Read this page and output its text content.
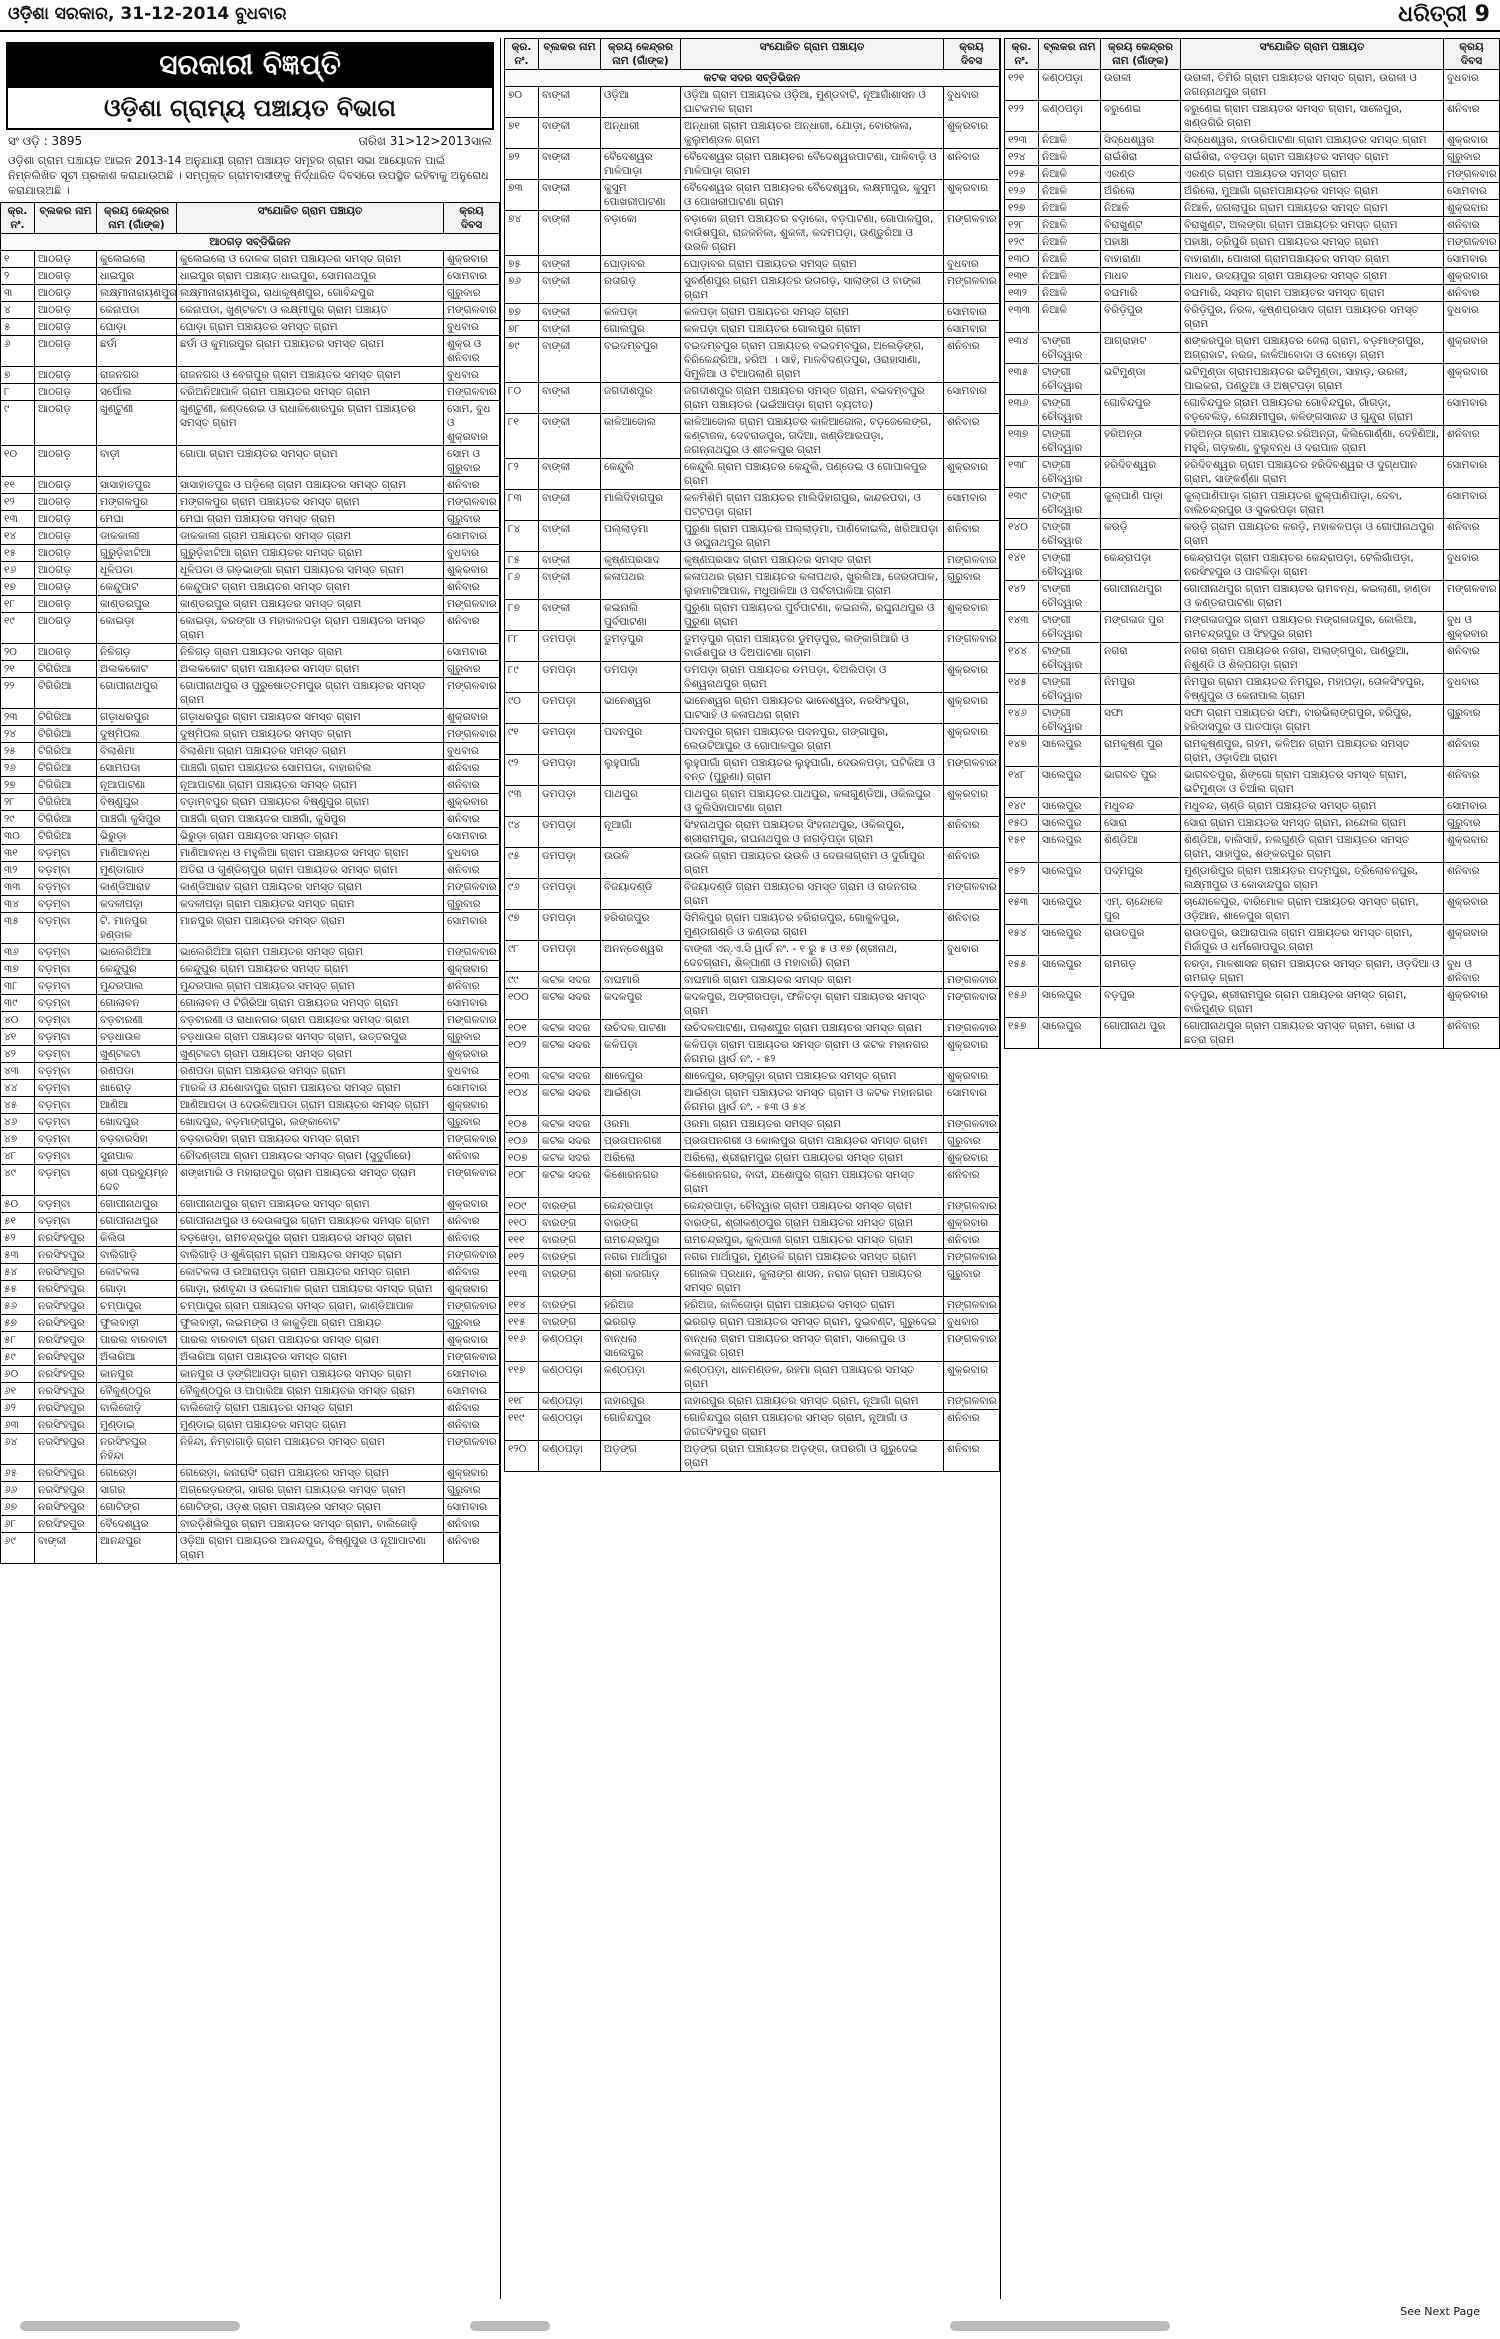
ଓଡ଼ିଶା ସରକାର, 31-12-2014 ବୁଧବାର	ଧରିତ୍ରୀ 9
ସରକାରୀ ବିଜ୍ଞପ୍ତି
ଓଡ଼ିଶା ଗ୍ରାମ୍ୟ ପଞ୍ଚାୟତ ବିଭାଗ
ସଂ ଓଡ଼ି : 3895	ତାରିଖ 31>12>2013ସାଲ
ଓଡ଼ିଶା ଗ୍ରାମ ପଞ୍ଚାୟତ ଆଇନ 2013-14 ଅନୁଯାୟୀ ଗ୍ରାମ ପଞ୍ଚାୟତ ସମୂହର ଗ୍ରାମ ସଭା ଆୟୋଜନ ପାଇଁ ନିମ୍ନଲିଖିତ ସୂଚୀ ପ୍ରକାଶ କରାଯାଉଅଛି । ସମ୍ପୃକ୍ତ ଗ୍ରାମବାସୀଙ୍କୁ ନିର୍ଦ୍ଧାରିତ ଦିବସରେ ଉପସ୍ଥିତ ରହିବାକୁ ଅନୁରୋଧ କରାଯାଉଅଛି ।
କ୍ର. ନଂ.	ବ୍ଲକର ନାମ	କ୍ରୟ କେନ୍ଦ୍ରର ନାମ (ଗାଁଙ୍କ)	ସଂଯୋଜିତ ଗ୍ରାମ ପଞ୍ଚାୟତ	କ୍ରୟ ଦିବସ
ଆଠଗଡ଼ ସବ୍‌ଡିଭିଜନ				
୧	ଆଠଗଡ଼	କୁଲେଇଲୋ	କୁଲେଇଲୋ ଓ ଦୋଳକ ଗ୍ରାମ ପଞ୍ଚାୟତର ସମସ୍ତ ଗ୍ରାମ	ଶୁକ୍ରବାର
୨	ଆଠଗଡ଼	ଧାଇପୁର	ଧାଇପୁର ଗ୍ରାମ ପଞ୍ଚାୟତ ଧାଇପୁର, ସୋମନାଥପୁର	ସୋମବାର
୩	ଆଠଗଡ଼	ଲକ୍ଷ୍ମୀନାରାୟଣପୁର	ଲକ୍ଷ୍ମୀନାରାୟଣପୁର, ରାଧାକୃଷ୍ଣପୁର, ଗୋବିନ୍ଦପୁର	ଗୁରୁବାର
୪	ଆଠଗଡ଼	କେନାପଡା	କେନାପଡା, ଖୁଣ୍ଟକଟା ଓ ଲକ୍ଷ୍ମୀପୁର ଗ୍ରାମ ପଞ୍ଚାୟତ	ମଙ୍ଗଳବାର
୫	ଆଠଗଡ଼	ଘୋଡ଼ା	ଘୋଡ଼ା ଗ୍ରାମ ପଞ୍ଚାୟତର ସମସ୍ତ ଗ୍ରାମ	ବୁଧବାର
୬	ଆଠଗଡ଼	ଛର୍ଡା	ଛର୍ଡା ଓ କୁମାରପୁର ଗ୍ରାମ ପଞ୍ଚାୟତର ସମସ୍ତ ଗ୍ରାମ	ଶୁକ୍ର ଓ ଶନିବାର
୭	ଆଠଗଡ଼	ରାଜନଗର	ରାଜନଗର ଓ ବେଗପୁର ଗ୍ରାମ ପଞ୍ଚାୟତର ସମସ୍ତ ଗ୍ରାମ	ବୁଧବାର
୮	ଆଠଗଡ଼	ସର୍ପୋଲ	ବରିଅନିଆପାଳି ଗ୍ରାମ ପଞ୍ଚାୟତର ସମସ୍ତ ଗ୍ରାମ	ମଙ୍ଗଳବାର
୯	ଆଠଗଡ଼	ଖୁଣ୍ଟୁଣୀ	ଖୁଣ୍ଟୁଣୀ, କଣ୍ଡରେଇ ଓ ରାଧାକିଶୋରପୁର ଗ୍ରାମ ପଞ୍ଚାୟତର ସମସ୍ତ ଗ୍ରାମ	ସୋମ, ବୁଧ ଓ ଶୁକ୍ରବାର
୧୦	ଆଠଗଡ଼	ବାଡ଼ୀ	ଗୋପା ଗ୍ରାମ ପଞ୍ଚାୟତର ସମସ୍ତ ଗ୍ରାମ	ସୋମ ଓ ଗୁରୁବାର
୧୧	ଆଠଗଡ଼	ସାସାହାତପୁର	ସାସାହାତପୁର ଓ ପଡ଼ିଲୋ ଗ୍ରାମ ପଞ୍ଚାୟତର ସମସ୍ତ ଗ୍ରାମ	ଶନିବାର
୧୨	ଆଠଗଡ଼	ମଙ୍ଗଳପୁର	ମଙ୍ଗଳପୁର ଗ୍ରାମ ପଞ୍ଚାୟତର ସମସ୍ତ ଗ୍ରାମ	ମଙ୍ଗଳବାର
୧୩	ଆଠଗଡ଼	ମେଘା	ମେଘା ଗ୍ରାମ ପଞ୍ଚାୟତର ସମସ୍ତ ଗ୍ରାମ	ଗୁରୁବାର
୧୪	ଆଠଗଡ଼	ଡାକକାଲୀ	ଡାକକାଲୀ ଗ୍ରାମ ପଞ୍ଚାୟତର ସମସ୍ତ ଗ୍ରାମ	ସୋମବାର
୧୫	ଆଠଗଡ଼	ଗୁରୁଡ଼ିଝାଟିଆ	ଗୁରୁଡ଼ିଝାଟିଆ ଗ୍ରାମ ପଞ୍ଚାୟତର ସମସ୍ତ ଗ୍ରାମ	ବୁଧବାର
୧୬	ଆଠଗଡ଼	ଧୂଳିପଡା	ଧୂଳିପଡା ଓ ଗଡ଼ଭାଙ୍ଗା ଗ୍ରାମ ପଞ୍ଚାୟତର ସମସ୍ତ ଗ୍ରାମ	ଶୁକ୍ରବାର
୧୭	ଆଠଗଡ଼	କେନ୍ଦୁପାଟ	କେନ୍ଦୁପାଟ ଗ୍ରାମ ପଞ୍ଚାୟତର ସମସ୍ତ ଗ୍ରାମ	ଶନିବାର
୧୮	ଆଠଗଡ଼	କାଣ୍ଡରପୁର	କାଣ୍ଡରପୁର ଗ୍ରାମ ପଞ୍ଚାୟତର ସମସ୍ତ ଗ୍ରାମ	ମଙ୍ଗଳବାର
୧୯	ଆଠଗଡ଼	କୋଇଡ଼ା	କୋଇଡ଼ା, ବରଙ୍ଗା ଓ ମହାକାଳପଡ଼ା ଗ୍ରାମ ପଞ୍ଚାୟତର ସମସ୍ତ ଗ୍ରାମ	ଶନିବାର
୨୦	ଆଠଗଡ଼	ନିଳିଗଡ଼	ନିଳିଗଡ଼ ଗ୍ରାମ ପଞ୍ଚାୟତର ସମସ୍ତ ଗ୍ରାମ	ସୋମବାର
୨୧	ଟିଗିରିଆ	ଅଲକକୋଟ	ଅଲକକୋଟ ଗ୍ରାମ ପଞ୍ଚାୟତର ସମସ୍ତ ଗ୍ରାମ	ଗୁରୁବାର
୨୨	ଟିଗିରିଆ	ଗୋପୀନାଥପୁର	ଗୋପୀନାଥପୁର ଓ ପୁରୁଷୋତ୍ତମପୁର ଗ୍ରାମ ପଞ୍ଚାୟତର ସମସ୍ତ ଗ୍ରାମ	ମଙ୍ଗଳବାର
୨୩	ଟିଗିରିଆ	ଗଡ଼ାଧରପୁର	ଗଡ଼ାଧରପୁର ଗ୍ରାମ ପଞ୍ଚାୟତର ସମସ୍ତ ଗ୍ରାମ	ଶୁକ୍ରବାର
୨୪	ଟିଗିରିଆ	ଦୁଷ୍ମିପଲ	ଦୁଷ୍ମିପଲ ଗ୍ରାମ ପଞ୍ଚାୟତର ସମସ୍ତ ଗ୍ରାମ	ମଙ୍ଗଳବାର
୨୫	ଟିଗିରିଆ	ବିଲାଶିମା	ବିଲାଶିମା ଗ୍ରାମ ପଞ୍ଚାୟତର ସମସ୍ତ ଗ୍ରାମ	ବୁଧବାର
୨୬	ଟିଗିରିଆ	ସୋମପଡା	ପାଞ୍ଚଗାଁ ଗ୍ରାମ ପଞ୍ଚାୟତର ସୋମପଡା, ବାହାରବିଲ	ଶନିବାର
୨୭	ଟିଗିରିଆ	ନୂଆପାଟଣା	ନୂଆପାଟଣା ଗ୍ରାମ ପଞ୍ଚାୟତର ସମସ୍ତ ଗ୍ରାମ	ଶନିବାର
୨୮	ଟିଗିରିଆ	ବିଷ୍ଣୁପୁର	ବଡ଼ାମ୍ବପୁର ଗ୍ରାମ ପଞ୍ଚାୟତର ବିଷ୍ଣୁପୁର ଗ୍ରାମ	ଶୁକ୍ରବାର
୨୯	ଟିଗିରିଆ	ପାଞ୍ଚଗାଁ କୁସିପୁର	ପାଞ୍ଚଗାଁ ଗ୍ରାମ ପଞ୍ଚାୟତର ପାଞ୍ଚଗାଁ, କୁସିପୁର	ଶନିବାର
୩୦	ଟିଗିରିଆ	ଭିରୁଡ଼ା	ଭିରୁଡ଼ା ଗ୍ରାମ ପଞ୍ଚାୟତର ସମସ୍ତ ଗ୍ରାମ	ସୋମବାର
୩୧	ବଡ଼ମ୍ବା	ମାଣିଆବନ୍ଧ	ମାଣିଆବନ୍ଧ ଓ ମହୁଲିଆ ଗ୍ରାମ ପଞ୍ଚାୟତର ସମସ୍ତ ଗ୍ରାମ	ବୁଧବାର
୩୨	ବଡ଼ମ୍ବା	ମୁଣ୍ଡାଗାଡ	ଅତିରା ଓ ଗୁଣ୍ଡିଚାପୁର ଗ୍ରାମ ପଞ୍ଚାୟତର ସମସ୍ତ ଗ୍ରାମ	ଶନିବାର
୩୩	ବଡ଼ମ୍ବା	କାଣ୍ଡିଆରାହ	କାଣ୍ଡିଆରାହ ଗ୍ରାମ ପଞ୍ଚାୟତର ସମସ୍ତ ଗ୍ରାମ	ମଙ୍ଗଳବାର
୩୪	ବଡ଼ମ୍ବା	କଦଳୀପଡ଼ା	କଦଳୀପଡ଼ା ଗ୍ରାମ ପଞ୍ଚାୟତର ସମସ୍ତ ଗ୍ରାମ	ଗୁରୁବାର
୩୫	ବଡ଼ମ୍ବା	ଟି. ମାନପୁର ହଣ୍ଡାଳ	ମାନପୁର ଗ୍ରାମ ପଞ୍ଚାୟତର ସମସ୍ତ ଗ୍ରାମ	ସୋମବାର
୩୬	ବଡ଼ମ୍ବା	ଭାଲେରିଅିଆ	ଭାଲେରିଅିଆ ଗ୍ରାମ ପଞ୍ଚାୟତର ସମସ୍ତ ଗ୍ରାମ	ମଙ୍ଗଳବାର
୩୭	ବଡ଼ମ୍ବା	କେନ୍ଦୁପୁର	କେନ୍ଦୁପୁର ଗ୍ରାମ ପଞ୍ଚାୟତର ସମସ୍ତ ଗ୍ରାମ	ଶୁକ୍ରବାର
୩୮	ବଡ଼ମ୍ବା	ମୁନ୍ଦରପାଲ	ମୁନ୍ଦରପାଲ ଗ୍ରାମ ପଞ୍ଚାୟତର ସମସ୍ତ ଗ୍ରାମ	ଶନିବାର
୩୯	ବଡ଼ମ୍ବା	ଗୋଲାବନ	ଗୋଲାବନ ଓ ଟିଗିରିଆ ଗ୍ରାମ ପଞ୍ଚାୟତର ସମସ୍ତ ଗ୍ରାମ	ସୋମବାର
୪୦	ବଡ଼ମ୍ବା	ବଡ଼ବାରଣୀ	ବଡ଼ବାରଣୀ ଓ ରାଧାନଗର ଗ୍ରାମ ପଞ୍ଚାୟତର ସମସ୍ତ ଗ୍ରାମ	ମଙ୍ଗଳବାର
୪୧	ବଡ଼ମ୍ବା	ବଡ଼ଧାଉଳ	ବଡ଼ଧାଉଳ ଗ୍ରାମ ପଞ୍ଚାୟତର ସମସ୍ତ ଗ୍ରାମ, ଉତ୍ତରପୁର	ଗୁରୁବାର
୪୨	ବଡ଼ମ୍ବା	ଖୁଣ୍ଟକଟା	ଖୁଣ୍ଟକଟା ଗ୍ରାମ ପଞ୍ଚାୟତର ସମସ୍ତ ଗ୍ରାମ	ଶୁକ୍ରବାର
୪୩	ବଡ଼ମ୍ବା	ରଣପଡା	ରଣପଡା ଗ୍ରାମ ପଞ୍ଚାୟତର ସମସ୍ତ ଗ୍ରାମ	ବୁଧବାର
୪୪	ବଡ଼ମ୍ବା	ଖାରୋଡ଼	ମାରକି ଓ ଯଶୋଦାପୁର ଗ୍ରାମ ପଞ୍ଚାୟତର ସମସ୍ତ ଗ୍ରାମ	ସୋମବାର
୪୫	ବଡ଼ମ୍ବା	ଆଣିଆ	ଆଣିଆପଡା ଓ ଦେଉଳିଆପଡା ଗ୍ରାମ ପଞ୍ଚାୟତର ସମସ୍ତ ଗ୍ରାମ	ଶୁକ୍ରବାର
୪୬	ବଡ଼ମ୍ବା	ଖୋଦପୁର	ଖୋଦପୁର, ବଡ଼ମାଙ୍ଗପୁର, ଲଙ୍କାବୋଟ	ଗୁରୁବାର
୪୭	ବଡ଼ମ୍ବା	ବଡ଼ବାରସିହା	ବଡ଼ବାରସିହା ଗ୍ରାମ ପଞ୍ଚାୟତର ସମସ୍ତ ଗ୍ରାମ	ମଙ୍ଗଳବାର
୪୮	ବଡ଼ମ୍ବା	ସୁନାପାଳ	ଚୌଦଣ୍ଡୀଆ ଗ୍ରାମ ପଞ୍ଚାୟତର ସମସ୍ତ ଗ୍ରାମ (ସୁଦୁର୍ଗାରେ)	ଶନିବାର
୪୯	ବଡ଼ମ୍ବା	ଶ୍ରୀ ପ୍ରଦ୍ୟୁମ୍ନ ଦେବ	ଶଙ୍ଖମାରି ଓ ମହାରାଜପୁର ଗ୍ରାମ ପଞ୍ଚାୟତର ସମସ୍ତ ଗ୍ରାମ	ମଙ୍ଗଳବାର
୫୦	ବଡ଼ମ୍ବା	ଗୋପୀନାଥପୁର	ଗୋପୀନାଥପୁର ଗ୍ରାମ ପଞ୍ଚାୟତର ସମସ୍ତ ଗ୍ରାମ	ଶୁକ୍ରବାର
୫୧	ବଡ଼ମ୍ବା	ଗୋପୀନାଥପୁର	ଗୋପୀନାଥପୁର ଓ ଦେଉଳାପୁର ଗ୍ରାମ ପଞ୍ଚାୟତର ସମସ୍ତ ଗ୍ରାମ	ଶନିବାର
୫୨	ନରସିଂହପୁର	କିଲିତା	ବଡ଼ଖେଡ଼ା, ରାମଚନ୍ଦ୍ରପୁର ଗ୍ରାମ ପଞ୍ଚାୟତର ସମସ୍ତ ଗ୍ରାମ	ଶନିବାର
୫୩	ନରସିଂହପୁର	ବାଲିଗାଡ଼ି	ବାଲିଗାଡ଼ି ଓ ଶୁଣ୍ଢିଗ୍ରାମ ଗ୍ରାମ ପଞ୍ଚାୟତର ସମସ୍ତ ଗ୍ରାମ	ମଙ୍ଗଳବାର
୫୪	ନରସିଂହପୁର	କୋଟକଳା	କୋଟକଳା ଓ ଉଆରାପଡ଼ା ଗ୍ରାମ ପଞ୍ଚାୟତର ସମସ୍ତ ଗ୍ରାମ	ଶନିବାର
୫୫	ନରସିଂହପୁର	ଗୋଡ଼ା	ଗୋଡ଼ା, ରଣବୃନ୍ଦା ଓ ଉଦ୍ଦୋମାଳ ଗ୍ରାମ ପଞ୍ଚାୟତର ସମସ୍ତ ଗ୍ରାମ	ଶୁକ୍ରବାର
୫୬	ନରସିଂହପୁର	ଚମ୍ପାପୁର	ଚମ୍ପାପୁର ଗ୍ରାମ ପଞ୍ଚାୟତର ସମସ୍ତ ଗ୍ରାମ, କାଣ୍ଡିଆପାଳ	ମଙ୍ଗଳବାର
୫୭	ନରସିଂହପୁର	ଫୁଲବାଡ଼ୀ	ଫୁଲବାଡ଼ୀ, ଲଇମଙ୍ଗ ଓ କାକୁଡ଼ିଆ ଗ୍ରାମ ପଞ୍ଚାୟତ	ଗୁରୁବାର
୫୮	ନରସିଂହପୁର	ପାରଲ ବାରବାଟୀ	ପାରଲ ବାରବାଟୀ ଗ୍ରାମ ପଞ୍ଚାୟତର ସମସ୍ତ ଗ୍ରାମ	ଶୁକ୍ରବାର
୫୯	ନରସିଂହପୁର	ଅଁଳାରିଆ	ଅଁଳାରିଆ ଗ୍ରାମ ପଞ୍ଚାୟତର ସମସ୍ତ ଗ୍ରାମ	ମଙ୍ଗଳବାର
୬୦	ନରସିଂହପୁର	କାନପୁର	କାନପୁର ଓ ଡ଼ଙ୍ଗିଆପଡ଼ା ଗ୍ରାମ ପଞ୍ଚାୟତର ସମସ୍ତ ଗ୍ରାମ	ସୋମବାର
୬୧	ନରସିଂହପୁର	ବୈକୁଣ୍ଠପୁର	ବୈକୁଣ୍ଠପୁର ଓ ପାପାରିଆ ଗ୍ରାମ ପଞ୍ଚାୟତର ସମସ୍ତ ଗ୍ରାମ	ସୋମବାର
୬୨	ନରସିଂହପୁର	ବାଲିଜୋଡ଼ି	ବାଲିଜୋଡ଼ି ଗ୍ରାମ ପଞ୍ଚାୟତର ସମସ୍ତ ଗ୍ରାମ	ଶନିବାର
୬୩	ନରସିଂହପୁର	ମୁଣ୍ଡାଇ	ମୁଣ୍ଡାଇ ଗ୍ରାମ ପଞ୍ଚାୟତର ସମସ୍ତ ଗ୍ରାମ	ଶନିବାର
୬୪	ନରସିଂହପୁର	ନରସିଂହପୁର ନିହିନ୍ଦା	ନିହିନ୍ଦା, ନିମ୍ବାଗାଡ଼ି ଗ୍ରାମ ପଞ୍ଚାୟତର ସମସ୍ତ ଗ୍ରାମ	ମଙ୍ଗଳବାର
୬୫	ନରସିଂହପୁର	ଗେରେଡ଼ା	ଗେରେଡ଼ା, କନାରାସିଂ ଗ୍ରାମ ପଞ୍ଚାୟତର ସମସ୍ତ ଗ୍ରାମ	ଶୁକ୍ରବାର
୬୬	ନରସିଂହପୁର	ସାଗର	ଅଗ୍ରେଡ଼ରଙ୍ଗ, ସାଗର ଗ୍ରାମ ପଞ୍ଚାୟତର ସମସ୍ତ ଗ୍ରାମ	ଗୁରୁବାର
୬୭	ନରସିଂହପୁର	ଗୋଟିଙ୍ଗ	ଗୋଟିଙ୍ଗ, ଓଡ଼ଶ ଗ୍ରାମ ପଞ୍ଚାୟତର ସମସ୍ତ ଗ୍ରାମ	ସୋମବାର
୬୮	ନରସିଂହପୁର	ବୈଦେଶ୍ୱର	ବାରଡ଼ିଶିଲିପୁର ଗ୍ରାମ ପଞ୍ଚାୟତର ସମସ୍ତ ଗ୍ରାମ, ବାଲିଜୋଡ଼ି	ଶନିବାର
୬୯	ବାଙ୍କୀ	ଆନନ୍ଦପୁର	ଓଡ଼ିଆ ଗ୍ରାମ ପଞ୍ଚାୟତର ଆନନ୍ଦପୁର, ବିଷ୍ଣୁପୁର ଓ ନୂଆପାଟଣା ଗ୍ରାମ	ଶନିବାର
କ୍ର. ନଂ.	ବ୍ଲକର ନାମ	କ୍ରୟ କେନ୍ଦ୍ରର ନାମ (ଗାଁଙ୍କ)	ସଂଯୋଜିତ ଗ୍ରାମ ପଞ୍ଚାୟତ	କ୍ରୟ ଦିବସ
କଟକ ସଦର ସବ୍‌ଡିଭିଜନ				
୭୦	ବାଙ୍କୀ	ଓଡ଼ିଆ	ଓଡ଼ିଆ ଗ୍ରାମ ପଞ୍ଚାୟତର ଓଡ଼ିଆ, ମୁଣ୍ଡବାଟି, ନୂଆଗାଁଶାସନ ଓ ଘାଟକମଳ ଗ୍ରାମ	ବୁଧବାର
୭୧	ବାଙ୍କୀ	ଅନ୍ଧାରୀ	ଅନ୍ଧାରୀ ଗ୍ରାମ ପଞ୍ଚାୟତର ଅନ୍ଧାରୀ, ଯୋଡ଼ା, ବୋରକଳା, କୁଲୁମଣ୍ଡଳ ଗ୍ରାମ	ଶୁକ୍ରବାର
୭୨	ବାଙ୍କୀ	ବୈଦେଶ୍ୱର ମାଳିପାଡ଼ା	ବୈଦେଶ୍ୱର ଗ୍ରାମ ପଞ୍ଚାୟତର ବୈଦେଶ୍ୱରପାଟଣା, ପାଳିବାଡ଼ି ଓ ମାଳିପାଡ଼ା ଗ୍ରାମ	ଶନିବାର
୭୩	ବାଙ୍କୀ	କୁସୁମ ପୋଖରୀପାଟଣା	ବୈଦେଶ୍ୱର ଗ୍ରାମ ପଞ୍ଚାୟତର ବୈଦେଶ୍ୱର, ଲକ୍ଷ୍ମୀପୁର, କୁସୁମ ଓ ପୋଖରୀପାଟଣା ଗ୍ରାମ	ଶୁକ୍ରବାର
୭୪	ବାଙ୍କୀ	ବଡ଼ାକୋ	ବଡ଼ାକୋ ଗ୍ରାମ ପଞ୍ଚାୟତର ବଡ଼ାକୋ, ବଡ଼ପାଟଣା, ଗୋପାଳପୁର, ବାଉଁଶପୁର, ରାଜକନିକା, ଶୁକଳୀ, କଦମପଡ଼ା, ଉଣ୍ଡୁରିଆ ଓ ଉରଳି ଗ୍ରାମ	ମଙ୍ଗଳବାର
୭୫	ବାଙ୍କୀ	ଘୋଡ଼ାବର	ଘୋଡ଼ାବର ଗ୍ରାମ ପଞ୍ଚାୟତର ସମସ୍ତ ଗ୍ରାମ	ବୁଧବାର
୭୬	ବାଙ୍କୀ	ରତାଗଡ଼	ସୁବର୍ଣ୍ଣପୁର ଗ୍ରାମ ପଞ୍ଚାୟତର ରତାଗଡ଼, ସାଲାଙ୍ଗ ଓ ବାଙ୍କୀ ଗ୍ରାମ	ମଙ୍ଗଳବାର
୭୭	ବାଙ୍କୀ	କଳପଡ଼ା	କଳପଡ଼ା ଗ୍ରାମ ପଞ୍ଚାୟତର ସମସ୍ତ ଗ୍ରାମ	ସୋମବାର
୭୮	ବାଙ୍କୀ	ଗୋଲପୁର	କଳପଡ଼ା ଗ୍ରାମ ପଞ୍ଚାୟତର ଗୋଲପୁର ଗ୍ରାମ	ସୋମବାର
୭୯	ବାଙ୍କୀ	ବଇଦମ୍ବପୁର	ବଇଦମ୍ବପୁର ଗ୍ରାମ ପଞ୍ଚାୟତର ବଇଦମ୍ବପୁର, ଅଲେଡ଼ିଙ୍ଗ, ବିରିକେନ୍ଦ୍ରିଆ, ହରିଅା ସାହି, ମାଳବିଦଣ୍ଡପୁର, ଓରାହାସାଣା, ସିମୁଳିଆ ଓ ଟିଆପଲାଣି ଗ୍ରାମ	ଶନିବାର
୮୦	ବାଙ୍କୀ	ଜଗଦୀଶପୁର	ଜଗଦୀଶପୁର ଗ୍ରାମ ପଞ୍ଚାୟତର ସମସ୍ତ ଗ୍ରାମ, ବଇଦମ୍ବପୁର ଗ୍ରାମ ପଞ୍ଚାୟତର (ଭଇଁଆପଡ଼ା ଗ୍ରାମ ବ୍ୟତୀତ)	ସୋମବାର
୮୧	ବାଙ୍କୀ	କାଳିଆଜୋଲ	କାଳିଆଜୋଲ ଗ୍ରାମ ପଞ୍ଚାୟତର କାଳିଆଜୋଲ, ବଡ଼ଜେଲେଙ୍ଗ, କଣ୍ଟାଜଳ, ଦେବରାଜପୁର, ଗଦିଆ, ଖଣ୍ଡିଆରପଡ଼ା, ଜଗନ୍ନାଥପୁର ଓ ଶୀତଳପୁର ଗ୍ରାମ	ଶନିବାର
୮୨	ବାଙ୍କୀ	କେନ୍ଦୁଲି	କେନ୍ଦୁଲି ଗ୍ରାମ ପଞ୍ଚାୟତର କେନ୍ଦୁଲି, ପଣ୍ଡେଇ ଓ ଗୋପାଳପୁର ଗ୍ରାମ	ଶୁକ୍ରବାର
୮୩	ବାଙ୍କୀ	ମାଲିଦିହାଗପୁର	କଳମିଶିମି ଗ୍ରାମ ପଞ୍ଚାୟତର ମାଲିଦିହାଗପୁର, କାନ୍ଦରପଦା, ଓ ପଟ୍ଟପଡ଼ା ଗ୍ରାମ	ସୋମବାର
୮୪	ବାଙ୍କୀ	ପଲ୍ଲାଡ଼ମା	ପୁରୁଣା ଗ୍ରାମ ପଞ୍ଚାୟତର ପଲ୍ଲାଡ଼ମା, ପାଣିକୋଇଲି, ଖରିଆପଡ଼ା ଓ ରଘୁନାଥପୁର ଗ୍ରାମ	ଶନିବାର
୮୫	ବାଙ୍କୀ	କୃଷ୍ଣପ୍ରସାଦ	କୃଷ୍ଣପ୍ରସାଦ ଗ୍ରାମ ପଞ୍ଚାୟତର ସମସ୍ତ ଗ୍ରାମ	ମଙ୍ଗଳବାର
୮୬	ବାଙ୍କୀ	କଳାପଥର	କଳାପଥର ଗ୍ରାମ ପଞ୍ଚାୟତର କଳାପଥର, ଖୁରଲିଆ, ଜେରତାପାଳ, ଲୁହାମାଟିଆପାଳ, ମଧୁପାଳିଆ ଓ ପର୍ବତୀପାଳିଆ ଗ୍ରାମ	ଗୁରୁବାର
୮୭	ବାଙ୍କୀ	କଇନାଲି ପୁର୍ବପାଟଣା	ପୁରୁଣା ଗ୍ରାମ ପଞ୍ଚାୟତର ପୁର୍ବପାଟଣା, କଇନାଲି, ରଘୁନାଥପୁର ଓ ପୁରୁଣା ଗ୍ରାମ	ଶୁକ୍ରବାର
୮୮	ଡମପଡ଼ା	ଡୁମଡ଼ପୁର	ଡୁମଡ଼ପୁର ଗ୍ରାମ ପଞ୍ଚାୟତର ଡୁମଡ଼ପୁର, ଲଙ୍କାଗିଆରି ଓ ବାଉଁଶପୁର ଓ ଦିଅପାଟଣା ଗ୍ରାମ	ମଙ୍ଗଳବାର
୮୯	ଡମପଡ଼ା	ଡମପଡ଼ା	ଡମପଡ଼ା ଗ୍ରାମ ପଞ୍ଚାୟତର ଡମପଡ଼ା, ଦିଅଲିପଡ଼ା ଓ ବିଶ୍ୱନାଥପୁର ଗ୍ରାମ	ଶୁକ୍ରବାର
୯୦	ଡମପଡ଼ା	ଭାନେଶ୍ୱର	ଭାନେଶ୍ୱର ଗ୍ରାମ ପଞ୍ଚାୟତର ଭାନେଶ୍ୱର, ନରସିଂହପୁର, ଘାଟସାହି ଓ କଳାପଥରା ଗ୍ରାମ	ଶୁକ୍ରବାର
୯୧	ଡମପଡ଼ା	ପଦନପୁର	ପଦନପୁର ଗ୍ରାମ ପଞ୍ଚାୟତର ପଦନପୁର, ଗଙ୍ଗାପୁର, ଲେଉଟିଆପୁର ଓ ଗୋପାଳପୁର ଗ୍ରାମ	ଶୁକ୍ରବାର
୯୨	ଡମପଡ଼ା	ଲୁହୁପାଗାଁ	ଲୁହୁପାଗାଁ ଗ୍ରାମ ପଞ୍ଚାୟତର ଲୁହୁପାଗାଁ, ଦେଉଳପଡ଼ା, ଘଟିକିଆ ଓ ବନ୍ତ (ପୁରୁଣା) ଗ୍ରାମ	ମଙ୍ଗଳବାର
୯୩	ଡମପଡ଼ା	ପାଥପୁର	ପାଥପୁର ଗ୍ରାମ ପଞ୍ଚାୟତର ପାଥପୁର, କଳାଗୁଣ୍ଡିଆ, ଓକିଲପୁର ଓ କୁଲିସିହାପାଟଣା ଗ୍ରାମ	ଶୁକ୍ରବାର
୯୪	ଡମପଡ଼ା	ନୂଆଗାଁ	ସିଂହନାଥପୁର ଗ୍ରାମ ପଞ୍ଚାୟତର ସିଂହନାଥପୁର, ଓକିଲପୁର, ଶ୍ରୀରାମପୁର, ରାଘନାଥପୁର ଓ ନାଗଡ଼ିପଡ଼ା ଗ୍ରାମ	ଶନିବାର
୯୫	ଡମପଡ଼ା	ଉଉଳି	ଉଉଳି ଗ୍ରାମ ପଞ୍ଚାୟତର ଉଉଳି ଓ ଦେଉଳାଗ୍ରାମ ଓ ଦୁର୍ଗାପୁର ଗ୍ରାମ	ଶନିବାର
୯୬	ଡମପଡ଼ା	ବିଜୟାଦଣ୍ଡି	ବିଜୟାଦଣ୍ଡି ଗ୍ରାମ ପଞ୍ଚାୟତର ସମସ୍ତ ଗ୍ରାମ ଓ ରାଜନଗର ଗ୍ରାମ	ମଙ୍ଗଳବାର
୯୭	ଡମପଡ଼ା	ହରିରାଜପୁର	ସିମିଳିପୁର ଗ୍ରାମ ପଞ୍ଚାୟତର ହରିରାଜପୁର, ଗୋକୁଳପୁର, ମୁଣ୍ଡାଗଣ୍ଡି ଓ କଣ୍ଡରା ଗ୍ରାମ	ଶନିବାର
୯୮	ଡମପଡ଼ା	ଅନନ୍ତେଶ୍ୱର	ବାଙ୍କୀ ଏନ୍.ଏ.ସି ୱାର୍ଡ ନଂ. - ୧ ରୁ ୫ ଓ ୧୭ (ଶ୍ରୀନାଥ, ଦେବଗ୍ରାମ, ଶିଳ୍ପାଣୀ ଓ ମହାବାରି) ଗ୍ରାମ	ବୁଧବାର
୯୯	କଟକ ସଦର	ବାଘମାରି	ବାଘମାରି ଗ୍ରାମ ପଞ୍ଚାୟତର ସମସ୍ତ ଗ୍ରାମ	ମଙ୍ଗଳବାର
୧୦୦	କଟକ ସଦର	କଦଳପୁର	କଦଳପୁର, ଅଙ୍ଗରପଡ଼ା, ଫଳିତଡ଼ା ଗ୍ରାମ ପଞ୍ଚାୟତର ସମସ୍ତ ଗ୍ରାମ	ମଙ୍ଗଳବାର
୧୦୧	କଟକ ସଦର	ଉଚିଦଳ ପାଟଣା	ଉଚିଦଳପାଟଣା, ପଲାଶପୁର ଗ୍ରାମ ପଞ୍ଚାୟତର ସମସ୍ତ ଗ୍ରାମ	ମଙ୍ଗଳବାର
୧୦୨	କଟକ ସଦର	କଳିପଡ଼ା	କଳିପଡ଼ା ଗ୍ରାମ ପଞ୍ଚାୟତର ସମସ୍ତ ଗ୍ରାମ ଓ କଟକ ମହାନଗର ନିଗମର ୱାର୍ଡ ନଂ. - ୫୨	ଶୁକ୍ରବାର
୧୦୩	କଟକ ସଦର	ଶାଳେପୁର	ଶାଳେପୁର, ଚାଙ୍ଗୁଡ଼ା ଗ୍ରାମ ପଞ୍ଚାୟତର ସମସ୍ତ ଗ୍ରାମ	ଶୁକ୍ରବାର
୧୦୪	କଟକ ସଦର	ଆଇଁଣ୍ଡା	ଆଇଁଣ୍ଡା ଗ୍ରାମ ପଞ୍ଚାୟତର ସମସ୍ତ ଗ୍ରାମ ଓ କଟକ ମହାନଗର ନିଗମର ୱାର୍ଡ ନଂ. - ୫୩ ଓ ୫୪	ସୋମବାର
୧୦୫	କଟକ ସଦର	ଓରମା	ଓରମା ଗ୍ରାମ ପଞ୍ଚାୟତର ସମସ୍ତ ଗ୍ରାମ	ମଙ୍ଗଳବାର
୧୦୬	କଟକ ସଦର	ପ୍ରତାପନଗରୀ	ପ୍ରତାପନଗରୀ ଓ କୋଲପୁର ଗ୍ରାମ ପଞ୍ଚାୟତର ସମସ୍ତ ଗ୍ରାମ	ଗୁରୁବାର
୧୦୭	କଟକ ସଦର	ଅରିଲୋ	ଅରିଲୋ, ଶ୍ରୀରାମପୁର ଗ୍ରାମ ପଞ୍ଚାୟତର ସମସ୍ତ ଗ୍ରାମ	ଶୁକ୍ରବାର
୧୦୮	କଟକ ସଦର	କିଶୋରନଗର	କିଶୋରନଗର, ବାଦୀ, ଯଶୋପୁର ଗ୍ରାମ ପଞ୍ଚାୟତର ସମସ୍ତ ଗ୍ରାମ	ଶନିବାର
୧୦୯	ବାରଙ୍ଗ	କେନ୍ଦ୍ରପାଡ଼ା	କେନ୍ଦ୍ରପାଡ଼ା, ଚୌଦ୍ୱାର ଗ୍ରାମ ପଞ୍ଚାୟତର ସମସ୍ତ ଗ୍ରାମ	ମଙ୍ଗଳବାର
୧୧୦	ବାରଙ୍ଗ	ବାରଙ୍ଗ	ବାରଙ୍ଗ, ଶ୍ରୀକଣ୍ଠପୁର ଗ୍ରାମ ପଞ୍ଚାୟତର ସମସ୍ତ ଗ୍ରାମ	ଶୁକ୍ରବାର
୧୧୧	ବାରଙ୍ଗ	ରାମଚନ୍ଦ୍ରପୁର	ରାମଚନ୍ଦ୍ରପୁର, କୁଳ୍ପାଳୀ ଗ୍ରାମ ପଞ୍ଚାୟତର ସମସ୍ତ ଗ୍ରାମ	ଶନିବାର
୧୧୨	ବାରଙ୍ଗ	ନଗର ମାର୍ଥାପୁର	ନଗର ମାର୍ଥାପୁର, ମୁଣ୍ଡଳି ଗ୍ରାମ ପଞ୍ଚାୟତର ସମସ୍ତ ଗ୍ରାମ	ମଙ୍ଗଳବାର
୧୧୩	ବାରଙ୍ଗ	ଶ୍ରୀ କରଗାଡ଼	ଗୋଲକ ପ୍ରଧାନ, କୁଲାଙ୍ଗ ଶାସନ, ନରାଜ ଗ୍ରାମ ପଞ୍ଚାୟତର ସମସ୍ତ ଗ୍ରାମ	ଗୁରୁବାର
୧୧୪	ବାରଙ୍ଗ	ହରିଅଜ	ହରିଅଜ, କାଳିଜୋଡ଼ା ଗ୍ରାମ ପଞ୍ଚାୟତର ସମସ୍ତ ଗ୍ରାମ	ମଙ୍ଗଳବାର
୧୧୫	ବାରଙ୍ଗ	ଭରଗଡ଼	ଭରଗଡ଼ ଗ୍ରାମ ପଞ୍ଚାୟତର ସମସ୍ତ ଗ୍ରାମ, ଦୁଇବଣ୍ଟ, ଗୁରୁଦେଇ	ବୁଧବାର
୧୧୬	କଣ୍ଠପଡ଼ା	ବାନ୍ଧଲା ସାଲେପୁର	ବାନ୍ଧଲା ଗ୍ରାମ ପଞ୍ଚାୟତର ସମସ୍ତ ଗ୍ରାମ, ସାଲେପୁର ଓ କଳାପୁର ଗ୍ରାମ	ମଙ୍ଗଳବାର
୧୧୭	କଣ୍ଠପଡ଼ା	କଣ୍ଠପଡ଼ା	କଣ୍ଠପଡ଼ା, ଧାନମଣ୍ଡଳ, ରହମା ଗ୍ରାମ ପଞ୍ଚାୟତର ସମସ୍ତ ଗ୍ରାମ	ଶୁକ୍ରବାର
୧୧୮	କଣ୍ଠପଡ଼ା	ନାହାରପୁର	ନାହାରପୁର ଗ୍ରାମ ପଞ୍ଚାୟତର ସମସ୍ତ ଗ୍ରାମ, ନୂଆଗାଁ ଗ୍ରାମ	ମଙ୍ଗଳବାର
୧୧୯	କଣ୍ଠପଡ଼ା	ଗୋବିନ୍ଦପୁର	ଗୋବିନ୍ଦପୁର ଗ୍ରାମ ପଞ୍ଚାୟତର ସମସ୍ତ ଗ୍ରାମ, ନୂଆଗାଁ ଓ ଜଗତସିଂହପୁର ଗ୍ରାମ	ଶନିବାର
୧୨୦	କଣ୍ଠପଡ଼ା	ଅଡ଼ଙ୍ଗ	ଅଡ଼ଙ୍ଗ ଗ୍ରାମ ପଞ୍ଚାୟତର ଅଡ଼ଙ୍ଗ, ଉପରଗାଁ ଓ ଗୁରୁଦେଇ ଗ୍ରାମ	ଶନିବାର
କ୍ର. ନଂ.	ବ୍ଲକର ନାମ	କ୍ରୟ କେନ୍ଦ୍ରର ନାମ (ଗାଁଙ୍କ)	ସଂଯୋଜିତ ଗ୍ରାମ ପଞ୍ଚାୟତ	କ୍ରୟ ଦିବସ
୧୨୧	କଣ୍ଠପଡ଼ା	ଉରାଳୀ	ଉରାଳୀ, ତିମିରି ଗ୍ରାମ ପଞ୍ଚାୟତର ସମସ୍ତ ଗ୍ରାମ, ଉରାଳୀ ଓ ଜଗନ୍ନାଥପୁର ଗ୍ରାମ	ବୁଧବାର
୧୨୨	କଣ୍ଠପଡ଼ା	ବରୁଣେଇ	ବରୁଣେଇ ଗ୍ରାମ ପଞ୍ଚାୟତର ସମସ୍ତ ଗ୍ରାମ, ସାଲେପୁର, ଖଣ୍ଡଗିରି ଗ୍ରାମ	ଶନିବାର
୧୨୩	ନିଆଳି	ସିଦ୍ଧେଶ୍ୱର	ସିଦ୍ଧେଶ୍ୱର, ବାଉରିପାଟଣା ଗ୍ରାମ ପଞ୍ଚାୟତର ସମସ୍ତ ଗ୍ରାମ	ଶୁକ୍ରବାର
୧୨୪	ନିଆଳି	ରାଇଁଶିରା	ରାଇଁଶିରା, ବଡ଼ପଡ଼ା ଗ୍ରାମ ପଞ୍ଚାୟତର ସମସ୍ତ ଗ୍ରାମ	ଗୁରୁବାର
୧୨୫	ନିଆଳି	ଏରଣ୍ଡ	ଏରଣ୍ଡ ଗ୍ରାମ ପଞ୍ଚାୟତର ସମସ୍ତ ଗ୍ରାମ	ମଙ୍ଗଳବାର
୧୨୬	ନିଆଳି	ଅଁରିଲୋ	ଅଁରିଲୋ, ମୁଆଗାଁ ଗ୍ରାମପଞ୍ଚାୟତର ସମସ୍ତ ଗ୍ରାମ	ସୋମବାର
୧୨୭	ନିଆଳି	ନିଆଳି	ନିଆଳି, ଜଗଲାପୁର ଗ୍ରାମ ପଞ୍ଚାୟତର ସମସ୍ତ ଗ୍ରାମ	ଶୁକ୍ରବାର
୧୨୮	ନିଆଳି	ବିରାଖୁଣ୍ଟ	ବିରାଖୁଣ୍ଟ, ଅଲଙ୍ଗା ଗ୍ରାମ ପଞ୍ଚାୟତର ସମସ୍ତ ଗ୍ରାମ	ଶନିବାର
୧୨୯	ନିଆଳି	ପହାଞ୍ଚା	ପହାଞ୍ଚା, ତ୍ରିପୁରି ଗ୍ରାମ ପଞ୍ଚାୟତର ସମସ୍ତ ଗ୍ରାମ	ମଙ୍ଗଳବାର
୧୩୦	ନିଆଳି	ବାହାରାଣା	ବାହାରାଣା, ପୋଖରୀ ଗ୍ରାମପଞ୍ଚାୟତର ସମସ୍ତ ଗ୍ରାମ	ସୋମବାର
୧୩୧	ନିଆଳି	ମାଧବ	ମାଧବ, ଉଦୟପୁର ଗ୍ରାମ ପଞ୍ଚାୟତର ସମସ୍ତ ଗ୍ରାମ	ଶୁକ୍ରବାର
୧୩୨	ନିଆଳି	ବଘମାରି	ବଘମାରି, ସସ୍ମଦ ଗ୍ରାମ ପଞ୍ଚାୟତର ସମସ୍ତ ଗ୍ରାମ	ଶନିବାର
୧୩୩	ନିଆଳି	ବିରିଡ଼ିପୁର	ବିରିଡ଼ିପୁର, ନିରଳ, କୃଷ୍ଣପ୍ରସାଦ ଗ୍ରାମ ପଞ୍ଚାୟତର ସମସ୍ତ ଗ୍ରାମ	ବୁଧବାର
୧୩୪	ଟାଙ୍ଗୀ ଚୌଦ୍ୱାର	ଆଗ୍ରାହାଟ	ଶଙ୍କରପୁର ଗ୍ରାମ ପଞ୍ଚାୟତର ଜେଲା ଗ୍ରାମ, ବଡ଼ମାଙ୍ଗପୁର, ଅଗ୍ରାହାଟ, ନରଜ, କାଳିଆବୋଦା ଓ ବୋଡ଼ୋ ଗ୍ରାମ	ଶୁକ୍ରବାର
୧୩୫	ଟାଙ୍ଗୀ ଚୌଦ୍ୱାର	ଭଟିମୁଣ୍ଡା	ଭଟିମୁଣ୍ଡା ଗ୍ରାମପଞ୍ଚାୟତର ଭଟିମୁଣ୍ଡା, ସାହାଡ଼, ଉରଳୀ, ପାଇକରା, ପଣ୍ଡୁଆ ଓ ଅଷ୍ଟପଡ଼ା ଗ୍ରାମ	ଶୁକ୍ରବାର
୧୩୬	ଟାଙ୍ଗୀ ଚୌଦ୍ୱାର	ଗୋବିନ୍ଦପୁର	ଗୋବିନ୍ଦପୁର ଗ୍ରାମ ପଞ୍ଚାୟତର ଗୋବିନ୍ଦପୁର, ଗାଁଗଡ଼ା, ବଡ଼ବେଲିଡ଼, ଲେକ୍ଷମୀପୁର, କଳିଙ୍ଗସାନନ୍ଦ ଓ ଗୁନ୍ଦୁରା ଗ୍ରାମ	ସୋମବାର
୧୩୭	ଟାଙ୍ଗୀ ଚୌଦ୍ୱାର	ହରିଅନ୍ତା	ହରିଅନ୍ତା ଗ୍ରାମ ପଞ୍ଚାୟତର ହରିଅନ୍ତା, କିଲିଗୋର୍ଣ୍ଣା, ଦେହିଣିଆ, ମହୁରି, ଗଡ଼କଣା, ବୁଲୁବନ୍ଧ ଓ ଦରାପାଳ ଗ୍ରାମ	ଶନିବାର
୧୩୮	ଟାଙ୍ଗୀ ଚୌଦ୍ୱାର	ହରିଦିବଶ୍ୱର	ହରିଦିବଶ୍ୱର ଗ୍ରାମ ପଞ୍ଚାୟତର ହରିଦିବଶ୍ୱର ଓ ଦୁଗ୍ଧପାନ ଗ୍ରାମ, ସାଙ୍କର୍ଣ୍ଣା ଗ୍ରାମ	ସୋମବାର
୧୩୯	ଟାଙ୍ଗୀ ଚୌଦ୍ୱାର	କୁଲ୍ପାଣି ପାଡ଼ା	କୁଲ୍ପାଣିପାଡ଼ା ଗ୍ରାମ ପଞ୍ଚାୟତର କୁଲ୍ପାଣିପାଡ଼ା, ଦେବା, ବାଲିଚନ୍ଦ୍ରପୁର ଓ ସୁକରପଡ଼ା ଗ୍ରାମ	ସୋମବାର
୧୪୦	ଟାଙ୍ଗୀ ଚୌଦ୍ୱାର	କରଡ଼ି	କରଡ଼ି ଗ୍ରାମ ପଞ୍ଚାୟତର କରଡ଼ି, ମହାକଳପଡ଼ା ଓ ଗୋପୀନାଥପୁର ଗ୍ରାମ	ଶନିବାର
୧୪୧	ଟାଙ୍ଗୀ ଚୌଦ୍ୱାର	କେନ୍ଦ୍ରାପଡ଼ା	କେନ୍ଦ୍ରାପଡ଼ା ଗ୍ରାମ ପଞ୍ଚାୟତର କେନ୍ଦ୍ରାପଡ଼ା, ଟେଲିଗାଁପଡ଼ା, ନରସିଂହପୁର ଓ ପାଟଳିଡ଼ା ଗ୍ରାମ	ବୁଧବାର
୧୪୨	ଟାଙ୍ଗୀ ଚୌଦ୍ୱାର	ଗୋପୀନାଥପୁର	ଗୋପୀନାଥପୁର ଗ୍ରାମ ପଞ୍ଚାୟତର ରାମବନ୍ଧ, କଇଲାଣୀ, ହାଣ୍ଡା ଓ କଣ୍ଡରାପାଟଣା ଗ୍ରାମ	ମଙ୍ଗଳବାର
୧୪୩	ଟାଙ୍ଗୀ ଚୌଦ୍ୱାର	ମଙ୍ଗଳାଜ ପୁର	ମଙ୍ଗଳାଜପୁର ଗ୍ରାମ ପଞ୍ଚାୟତର ମଙ୍ଗଳାଜପୁର, କୋଲିଆ, ରାମଚନ୍ଦ୍ରପୁର ଓ ସିଂହପୁର ଗ୍ରାମ	ବୁଧ ଓ ଶୁକ୍ରବାର
୧୪୪	ଟାଙ୍ଗୀ ଚୌଦ୍ୱାର	ନଗରା	ନଗରା ଗ୍ରାମ ପଞ୍ଚାୟତର ନଗରା, ଅଲାଙ୍ଗପୁର, ପାଣ୍ଡୁଆ, ନିଶୁଣ୍ଡି ଓ ଶିଳ୍ପଗଡ଼ା ଗ୍ରାମ	ଶନିବାର
୧୪୫	ଟାଙ୍ଗୀ ଚୌଦ୍ୱାର	ନିମପୁର	ନିମପୁର ଗ୍ରାମ ପଞ୍ଚାୟତର ନିମପୁର, ମହାପଡ଼ା, ତୋଳସିଂହପୁର, ବିଷ୍ଣୁପୁର ଓ କେନାପାଲ ଗ୍ରାମ	ବୁଧବାର
୧୪୬	ଟାଙ୍ଗୀ ଚୌଦ୍ୱାର	ସଫା	ସଫା ଗ୍ରାମ ପଞ୍ଚାୟତର ସଫା, ବାରଭିଲାଙ୍ଗପୁର, ହରିପୁର, ହରିଦାସପୁର ଓ ପାତପାଡ଼ା ଗ୍ରାମ	ଗୁରୁବାର
୧୪୭	ସାଲେପୁର	ରାମକୃଷ୍ଣ ପୁର	ରାମକୃଷ୍ଣପୁର, ଗହମ, କଳିଅନ ଗ୍ରାମ ପଞ୍ଚାୟତର ସମସ୍ତ ଗ୍ରାମ, ଓଡ଼ାଦିଆ ଗ୍ରାମ	ଶନିବାର
୧୪୮	ସାଲେପୁର	ଭାଗବତ ପୁର	ଭାଗବତପୁର, ଶିଙ୍ଗୋ ଗ୍ରାମ ପଞ୍ଚାୟତର ସମସ୍ତ ଗ୍ରାମ, ଭଟିମୁଣ୍ଡା ଓ ଚିଆଁଲ ଗ୍ରାମ	ଶନିବାର
୧୪୯	ସାଲେପୁର	ମଧୁବନ୍ଦ	ମଧୁବନ୍ଦ, ଚାଣ୍ଡି ଗ୍ରାମ ପଞ୍ଚାୟତର ସମସ୍ତ ଗ୍ରାମ	ସୋମବାର
୧୫୦	ସାଲେପୁର	ସୋରା	ସୋରା ଗ୍ରାମ ପଞ୍ଚାୟତର ସମସ୍ତ ଗ୍ରାମ, ନାନ୍ଦୋଲ ଗ୍ରାମ	ଗୁରୁବାର
୧୫୧	ସାଲେପୁର	ଶିଣ୍ଡିଆ	ଶିଣ୍ଡିଆ, ବାଲିସାହି, ନଲଗୁଣ୍ଡି ଗ୍ରାମ ପଞ୍ଚାୟତର ସମସ୍ତ ଗ୍ରାମ, ସାହାପୁର, ଶଙ୍କରପୁର ଗ୍ରାମ	ଶୁକ୍ରବାର
୧୫୨	ସାଲେପୁର	ପଦ୍ମପୁର	ମୁଣ୍ଡାରିପୁର ଗ୍ରାମ ପଞ୍ଚାୟତର ପଦ୍ମପୁର, ତ୍ରିଲୋଚନପୁର, ଲକ୍ଷ୍ମୀପୁର ଓ କୋଦାନ୍ଦପୁର ଗ୍ରାମ	ଶନିବାର
୧୫୩	ସାଲେପୁର	ଏମ୍. ଚାନ୍ଦୋଳେ ପୁର	ଚାନ୍ଦୋଳେପୁର, ବାରିମୋଳ ଗ୍ରାମ ପଞ୍ଚାୟତର ସମସ୍ତ ଗ୍ରାମ, ଓଡ଼ିଆନ, ଶାଳେପୁର ଗ୍ରାମ	ଶୁକ୍ରବାର
୧୫୪	ସାଲେପୁର	ରାଉତପୁର	ରାଉତପୁର, ଉଆରାପାଲ ଗ୍ରାମ ପଞ୍ଚାୟତର ସମସ୍ତ ଗ୍ରାମ, ମିର୍ଜାପୁର ଓ ଧର୍ମଗୋପପୁର ଗ୍ରାମ	ଶୁକ୍ରବାର
୧୫୫	ସାଲେପୁର	ରାମଗଡ଼	ନରଡ଼ା, ମାଳଶାସନ ଗ୍ରାମ ପଞ୍ଚାୟତର ସମସ୍ତ ଗ୍ରାମ, ଓଡ଼ଦିଆ ଓ ରାମଗଡ଼ ଗ୍ରାମ	ବୁଧ ଓ ଶନିବାର
୧୫୬	ସାଲେପୁର	ବଡ଼ପୁର	ବଡ଼ପୁର, ଶ୍ରୀରାମପୁର ଗ୍ରାମ ପଞ୍ଚାୟତର ସମସ୍ତ ଗ୍ରାମ, ବାରିମୁଣ୍ଡ ଗ୍ରାମ	ଶୁକ୍ରବାର
୧୫୭	ସାଲେପୁର	ଗୋପୀନାଥ ପୁର	ଗୋପୀନାଥପୁର ଗ୍ରାମ ପଞ୍ଚାୟତର ସମସ୍ତ ଗ୍ରାମ, ଖୋରା ଓ ଛତରା ଗ୍ରାମ	ଶନିବାର
See Next Page
